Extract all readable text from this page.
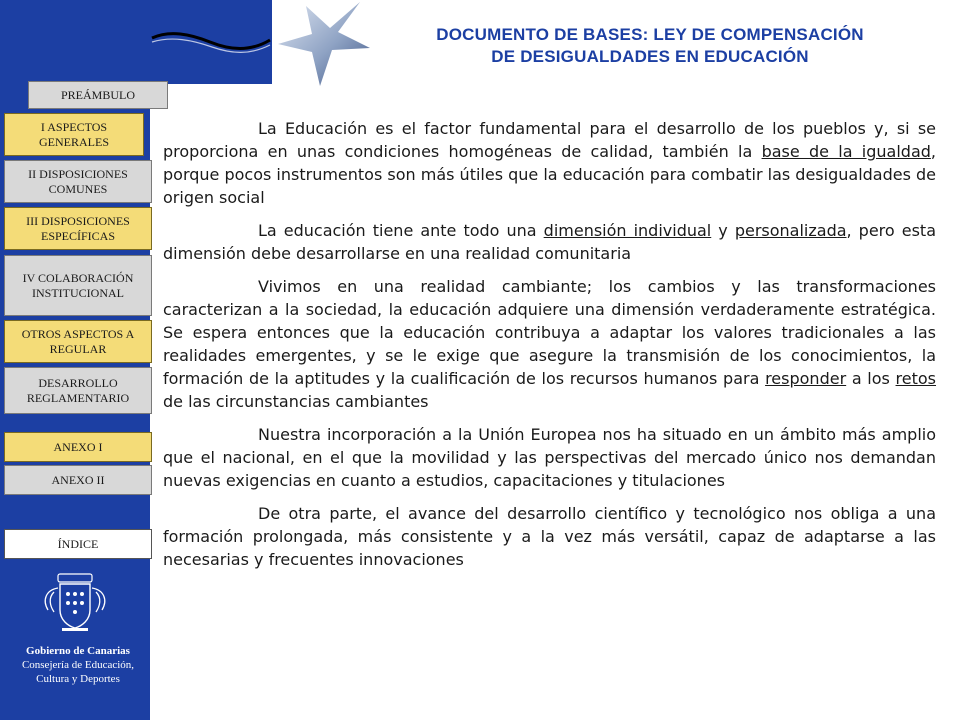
DOCUMENTO DE BASES: LEY DE COMPENSACIÓN
DE DESIGUALDADES EN EDUCACIÓN
PREÁMBULO
I ASPECTOS GENERALES
II DISPOSICIONES COMUNES
III DISPOSICIONES ESPECÍFICAS
IV COLABORACIÓN INSTITUCIONAL
OTROS ASPECTOS A REGULAR
DESARROLLO REGLAMENTARIO
ANEXO I
ANEXO II
ÍNDICE

La Educación es el factor fundamental para el desarrollo de los pueblos y, si se proporciona en unas condiciones homogéneas de calidad, también la base de la igualdad, porque pocos instrumentos son más útiles que la educación para combatir las desigualdades de origen social

La educación tiene ante todo una dimensión individual y personalizada, pero esta dimensión debe desarrollarse en una realidad comunitaria

Vivimos en una realidad cambiante; los cambios y las transformaciones caracterizan a la sociedad, la educación adquiere una dimensión verdaderamente estratégica. Se espera entonces que la educación contribuya a adaptar los valores tradicionales a las realidades emergentes, y se le exige que asegure la transmisión de los conocimientos, la formación de la aptitudes y la cualificación de los recursos humanos para responder a los retos de las circunstancias cambiantes

Nuestra incorporación a la Unión Europea nos ha situado en un ámbito más amplio que el nacional, en el que la movilidad y las perspectivas del mercado único nos demandan nuevas exigencias en cuanto a estudios, capacitaciones y titulaciones

De otra parte, el avance del desarrollo científico y tecnológico nos obliga a una formación prolongada, más consistente y a la vez más versátil, capaz de adaptarse a las necesarias y frecuentes innovaciones

Gobierno de Canarias
Consejería de Educación,
Cultura y Deportes
